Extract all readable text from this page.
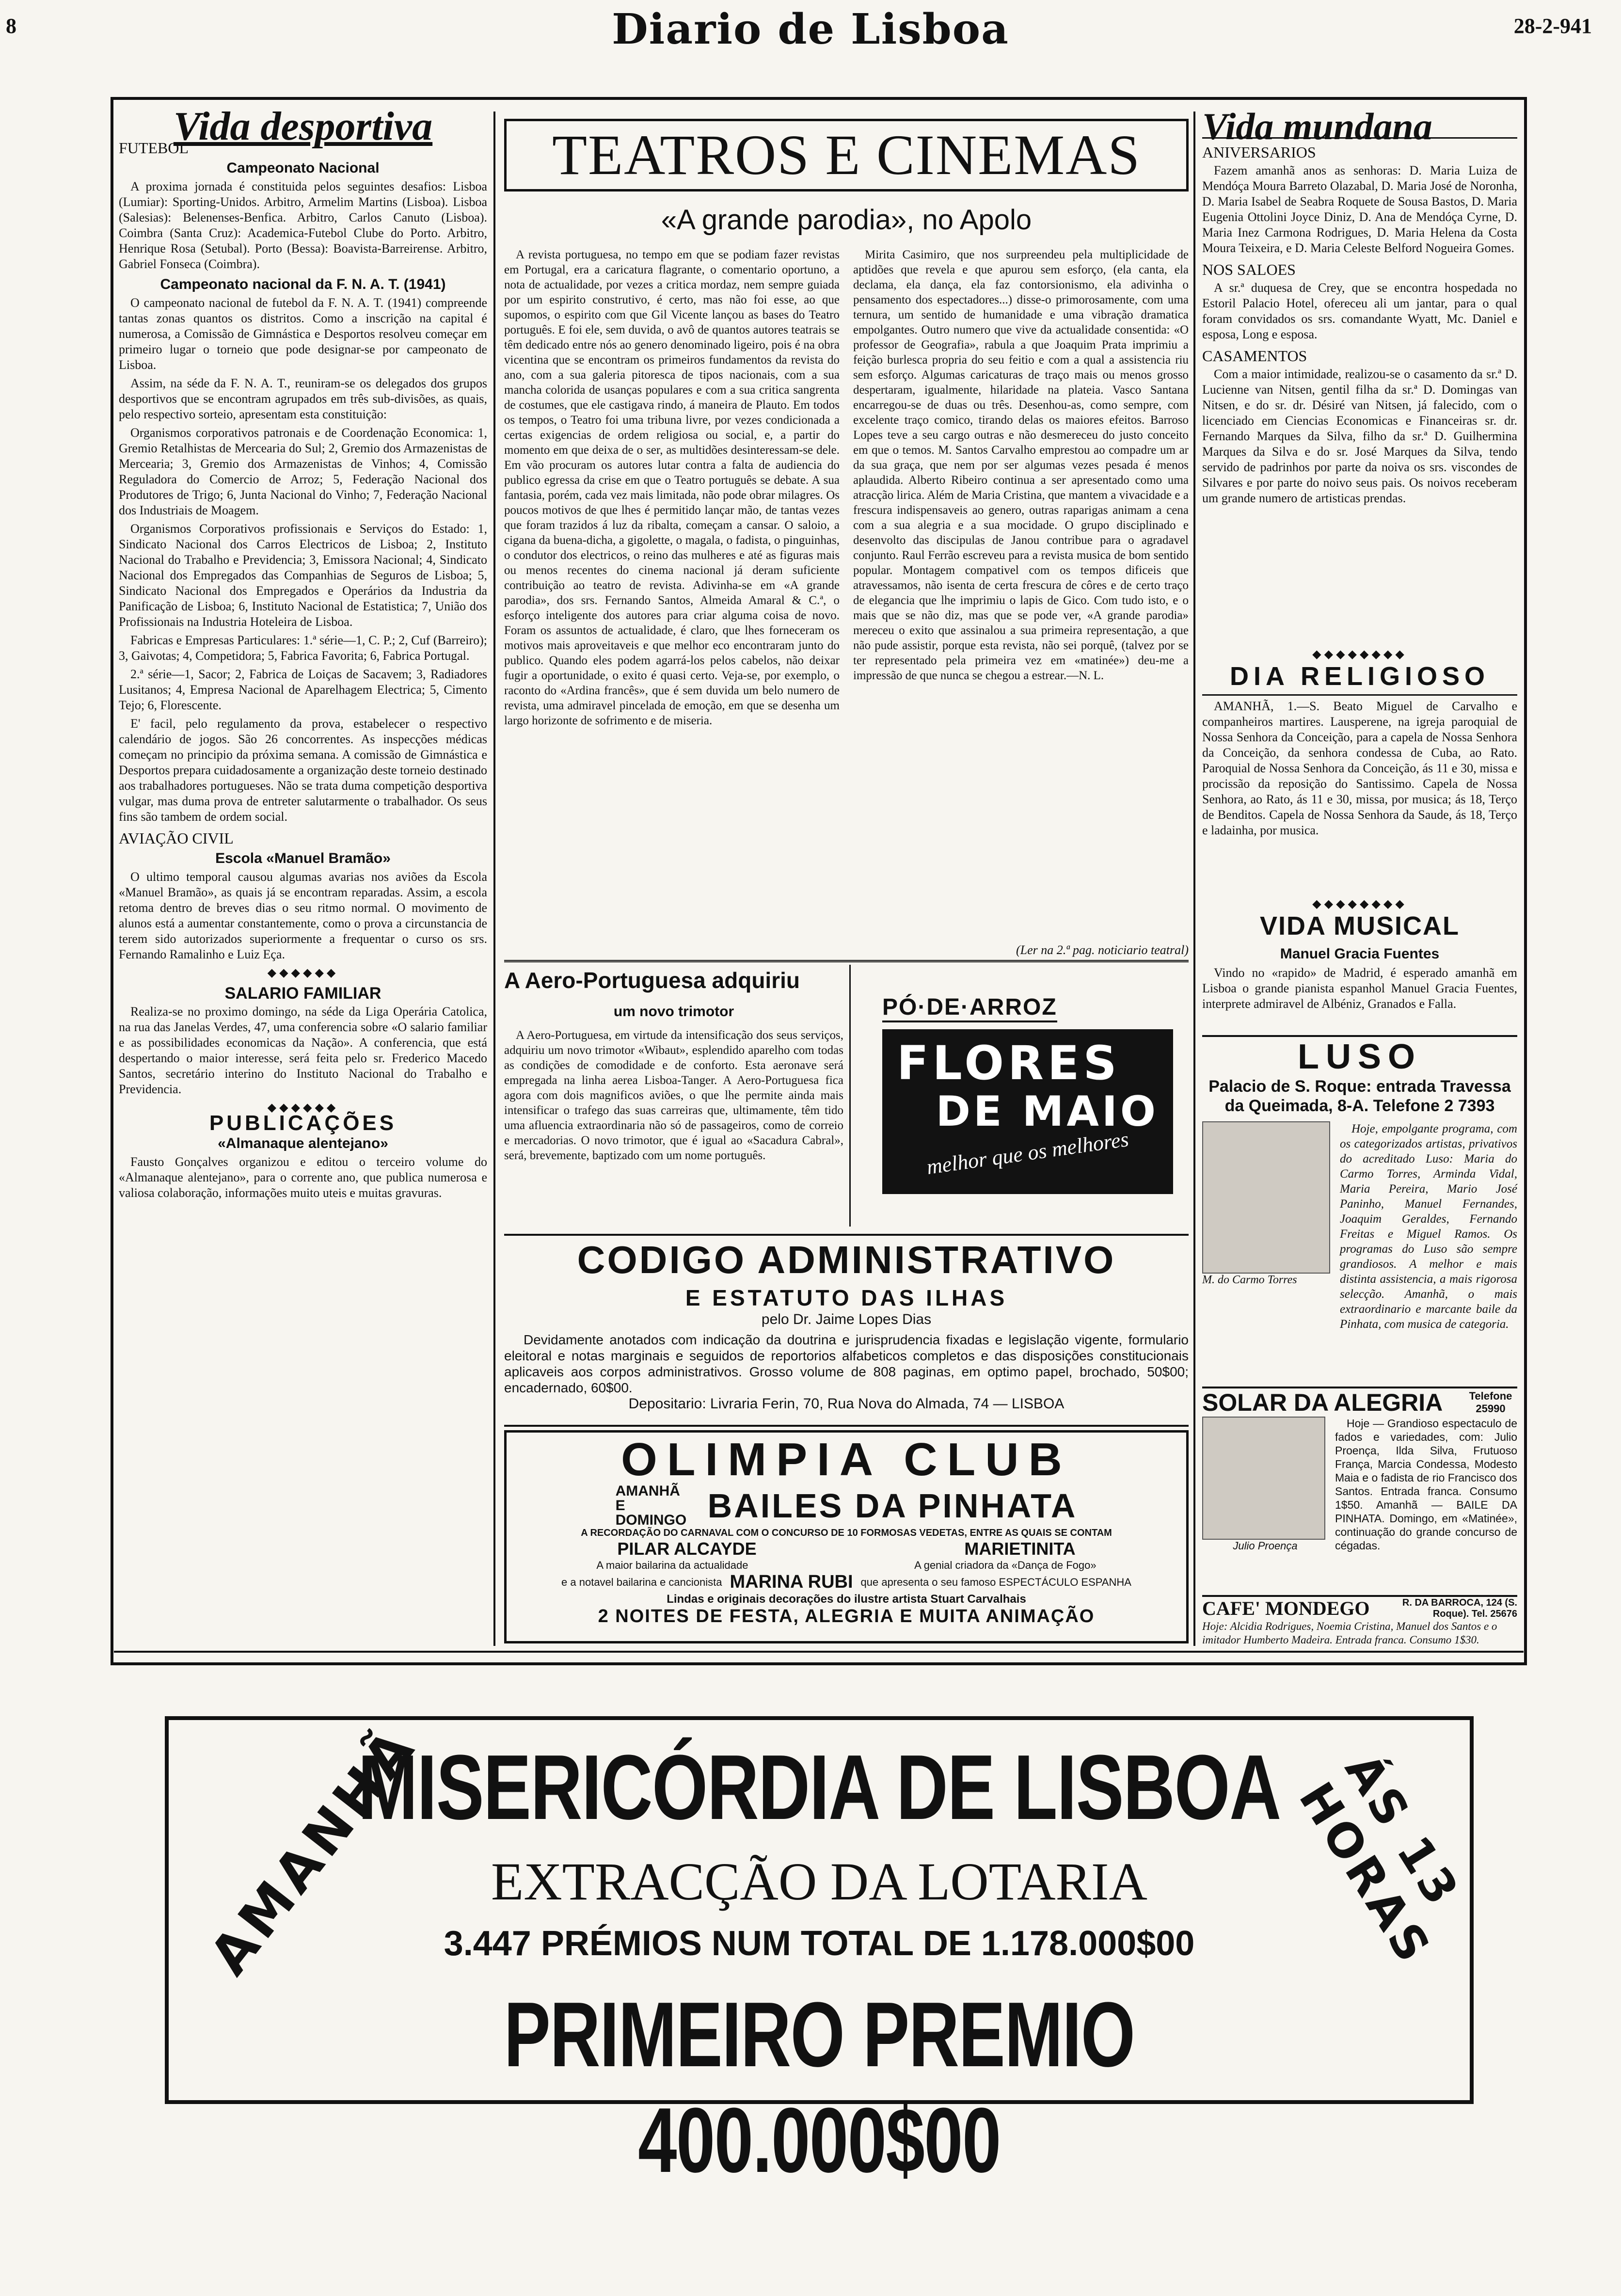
8	Diario de Lisboa	28-2-941
Vida desportiva
FUTEBOL
Campeonato Nacional

A proxima jornada é constituida pelos seguintes desafios: Lisboa (Lumiar): Sporting-Unidos. Arbitro, Armelim Martins (Lisboa). Lisboa (Salesias): Belenenses-Benfica. Arbitro, Carlos Canuto (Lisboa). Coimbra (Santa Cruz): Academica-Futebol Clube do Porto. Arbitro, Henrique Rosa (Setubal). Porto (Bessa): Boavista-Barreirense. Arbitro, Gabriel Fonseca (Coimbra).

Campeonato nacional da F. N. A. T. (1941)

O campeonato nacional de futebol da F. N. A. T. (1941) compreende tantas zonas quantos os distritos. Como a inscrição na capital é numerosa, a Comissão de Gimnástica e Desportos resolveu começar em primeiro lugar o torneio que pode designar-se por campeonato de Lisboa.

Assim, na séde da F. N. A. T., reuniram-se os delegados dos grupos desportivos que se encontram agrupados em três sub-divisões, as quais, pelo respectivo sorteio, apresentam esta constituição:

Organismos corporativos patronais e de Coordenação Economica: 1, Gremio Retalhistas de Mercearia do Sul; 2, Gremio dos Armazenistas de Mercearia; 3, Gremio dos Armazenistas de Vinhos; 4, Comissão Reguladora do Comercio de Arroz; 5, Federação Nacional dos Produtores de Trigo; 6, Junta Nacional do Vinho; 7, Federação Nacional dos Industriais de Moagem.

Organismos Corporativos profissionais e Serviços do Estado: 1, Sindicato Nacional dos Carros Electricos de Lisboa; 2, Instituto Nacional do Trabalho e Previdencia; 3, Emissora Nacional; 4, Sindicato Nacional dos Empregados das Companhias de Seguros de Lisboa; 5, Sindicato Nacional dos Empregados e Operários da Industria da Panificação de Lisboa; 6, Instituto Nacional de Estatistica; 7, União dos Profissionais na Industria Hoteleira de Lisboa.

Fabricas e Empresas Particulares: 1.ª série—1, C. P.; 2, Cuf (Barreiro); 3, Gaivotas; 4, Competidora; 5, Fabrica Favorita; 6, Fabrica Portugal.

2.ª série—1, Sacor; 2, Fabrica de Loiças de Sacavem; 3, Radiadores Lusitanos; 4, Empresa Nacional de Aparelhagem Electrica; 5, Cimento Tejo; 6, Florescente.

E' facil, pelo regulamento da prova, estabelecer o respectivo calendário de jogos. São 26 concorrentes. As inspecções médicas começam no principio da próxima semana. A comissão de Gimnástica e Desportos prepara cuidadosamente a organização deste torneio destinado aos trabalhadores portugueses. Não se trata duma competição desportiva vulgar, mas duma prova de entreter salutarmente o trabalhador. Os seus fins são tambem de ordem social.

AVIAÇÃO CIVIL
Escola «Manuel Bramão»

O ultimo temporal causou algumas avarias nos aviões da Escola «Manuel Bramão», as quais já se encontram reparadas. Assim, a escola retoma dentro de breves dias o seu ritmo normal. O movimento de alunos está a aumentar constantemente, como o prova a circunstancia de terem sido autorizados superiormente a frequentar o curso os srs. Fernando Ramalinho e Luiz Eça.

◆◆◆◆◆◆
SALARIO FAMILIAR

Realiza-se no proximo domingo, na séde da Liga Operária Catolica, na rua das Janelas Verdes, 47, uma conferencia sobre «O salario familiar e as possibilidades economicas da Nação». A conferencia, que está despertando o maior interesse, será feita pelo sr. Frederico Macedo Santos, secretário interino do Instituto Nacional do Trabalho e Previdencia.

◆◆◆◆◆◆
PUBLICAÇÕES
«Almanaque alentejano»

Fausto Gonçalves organizou e editou o terceiro volume do «Almanaque alentejano», para o corrente ano, que publica numerosa e valiosa colaboração, informações muito uteis e muitas gravuras.

TEATROS E CINEMAS
«A grande parodia», no Apolo

A revista portuguesa, no tempo em que se podiam fazer revistas em Portugal, era a caricatura flagrante, o comentario oportuno, a nota de actualidade, por vezes a critica mordaz, nem sempre guiada por um espirito construtivo, é certo, mas não foi esse, ao que supomos, o espirito com que Gil Vicente lançou as bases do Teatro português. E foi ele, sem duvida, o avô de quantos autores teatrais se têm dedicado entre nós ao genero denominado ligeiro, pois é na obra vicentina que se encontram os primeiros fundamentos da revista do ano, com a sua galeria pitoresca de tipos nacionais, com a sua mancha colorida de usanças populares e com a sua critica sangrenta de costumes, que ele castigava rindo, á maneira de Plauto. Em todos os tempos, o Teatro foi uma tribuna livre, por vezes condicionada a certas exigencias de ordem religiosa ou social, e, a partir do momento em que deixa de o ser, as multidões desinteressam-se dele. Em vão procuram os autores lutar contra a falta de audiencia do publico egressa da crise em que o Teatro português se debate. A sua fantasia, porém, cada vez mais limitada, não pode obrar milagres. Os poucos motivos de que lhes é permitido lançar mão, de tantas vezes que foram trazidos á luz da ribalta, começam a cansar. O saloio, a cigana da buena-dicha, a gigolette, o magala, o fadista, o pinguinhas, o condutor dos electricos, o reino das mulheres e até as figuras mais ou menos recentes do cinema nacional já deram suficiente contribuição ao teatro de revista. Adivinha-se em «A grande parodia», dos srs. Fernando Santos, Almeida Amaral & C.ª, o esforço inteligente dos autores para criar alguma coisa de novo. Foram os assuntos de actualidade, é claro, que lhes forneceram os motivos mais aproveitaveis e que melhor eco encontraram junto do publico. Quando eles podem agarrá-los pelos cabelos, não deixar fugir a oportunidade, o exito é quasi certo. Veja-se, por exemplo, o raconto do «Ardina francês», que é sem duvida um belo numero de revista, uma admiravel pincelada de emoção, em que se desenha um largo horizonte de sofrimento e de miseria.

Mirita Casimiro, que nos surpreendeu pela multiplicidade de aptidões que revela e que apurou sem esforço, (ela canta, ela declama, ela dança, ela faz contorsionismo, ela adivinha o pensamento dos espectadores...) disse-o primorosamente, com uma ternura, um sentido de humanidade e uma vibração dramatica empolgantes. Outro numero que vive da actualidade consentida: «O professor de Geografia», rabula a que Joaquim Prata imprimiu a feição burlesca propria do seu feitio e com a qual a assistencia riu sem esforço. Algumas caricaturas de traço mais ou menos grosso despertaram, igualmente, hilaridade na plateia. Vasco Santana encarregou-se de duas ou três. Desenhou-as, como sempre, com excelente traço comico, tirando delas os maiores efeitos. Barroso Lopes teve a seu cargo outras e não desmereceu do justo conceito em que o temos. M. Santos Carvalho emprestou ao compadre um ar da sua graça, que nem por ser algumas vezes pesada é menos aplaudida. Alberto Ribeiro continua a ser apresentado como uma atracção lirica. Além de Maria Cristina, que mantem a vivacidade e a frescura indispensaveis ao genero, outras raparigas animam a cena com a sua alegria e a sua mocidade. O grupo disciplinado e desenvolto das discipulas de Janou contribue para o agradavel conjunto. Raul Ferrão escreveu para a revista musica de bom sentido popular. Montagem compativel com os tempos dificeis que atravessamos, não isenta de certa frescura de côres e de certo traço de elegancia que lhe imprimiu o lapis de Gico. Com tudo isto, e o mais que se não diz, mas que se pode ver, «A grande parodia» mereceu o exito que assinalou a sua primeira representação, a que não pude assistir, porque esta revista, não sei porquê, (talvez por se ter representado pela primeira vez em «matinée») deu-me a impressão de que nunca se chegou a estrear.—N. L.

(Ler na 2.ª pag. noticiario teatral)
A Aero-Portuguesa adquiriu
um novo trimotor

A Aero-Portuguesa, em virtude da intensificação dos seus serviços, adquiriu um novo trimotor «Wibaut», esplendido aparelho com todas as condições de comodidade e de conforto. Esta aeronave será empregada na linha aerea Lisboa-Tanger. A Aero-Portuguesa fica agora com dois magnificos aviões, o que lhe permite ainda mais intensificar o trafego das suas carreiras que, ultimamente, têm tido uma afluencia extraordinaria não só de passageiros, como de correio e mercadorias. O novo trimotor, que é igual ao «Sacadura Cabral», será, brevemente, baptizado com um nome português.

PÓ·DE·ARROZ
FLORES
DE MAIO
melhor que os melhores
CODIGO ADMINISTRATIVO
E ESTATUTO DAS ILHAS
pelo Dr. Jaime Lopes Dias
Devidamente anotados com indicação da doutrina e jurisprudencia fixadas e legislação vigente, formulario eleitoral e notas marginais e seguidos de reportorios alfabeticos completos e das disposições constitucionais aplicaveis aos corpos administrativos. Grosso volume de 808 paginas, em optimo papel, brochado, 50$00; encadernado, 60$00.
Depositario: Livraria Ferin, 70, Rua Nova do Almada, 74 — LISBOA
OLIMPIA CLUB
AMANHÃ E DOMINGO BAILES DA PINHATA
A RECORDAÇÃO DO CARNAVAL COM O CONCURSO DE 10 FORMOSAS VEDETAS, ENTRE AS QUAIS SE CONTAM
PILAR ALCAYDE	MARIETINITA
A maior bailarina da actualidade	A genial criadora da «Dança de Fogo»
e a notavel bailarina e cancionista MARINA RUBI que apresenta o seu famoso ESPECTÁCULO ESPANHA
Lindas e originais decorações do ilustre artista Stuart Carvalhais
2 NOITES DE FESTA, ALEGRIA E MUITA ANIMAÇÃO
Vida mundana
ANIVERSARIOS

Fazem amanhã anos as senhoras: D. Maria Luiza de Mendóça Moura Barreto Olazabal, D. Maria José de Noronha, D. Maria Isabel de Seabra Roquete de Sousa Bastos, D. Maria Eugenia Ottolini Joyce Diniz, D. Ana de Mendóça Cyrne, D. Maria Inez Carmona Rodrigues, D. Maria Helena da Costa Moura Teixeira, e D. Maria Celeste Belford Nogueira Gomes.

NOS SALOES

A sr.ª duquesa de Crey, que se encontra hospedada no Estoril Palacio Hotel, ofereceu ali um jantar, para o qual foram convidados os srs. comandante Wyatt, Mc. Daniel e esposa, Long e esposa.

CASAMENTOS

Com a maior intimidade, realizou-se o casamento da sr.ª D. Lucienne van Nitsen, gentil filha da sr.ª D. Domingas van Nitsen, e do sr. dr. Désiré van Nitsen, já falecido, com o licenciado em Ciencias Economicas e Financeiras sr. dr. Fernando Marques da Silva, filho da sr.ª D. Guilhermina Marques da Silva e do sr. José Marques da Silva, tendo servido de padrinhos por parte da noiva os srs. viscondes de Silvares e por parte do noivo seus pais. Os noivos receberam um grande numero de artisticas prendas.

◆◆◆◆◆◆◆◆
DIA RELIGIOSO

AMANHÃ, 1.—S. Beato Miguel de Carvalho e companheiros martires. Lausperene, na igreja paroquial de Nossa Senhora da Conceição, para a capela de Nossa Senhora da Conceição, da senhora condessa de Cuba, ao Rato. Paroquial de Nossa Senhora da Conceição, ás 11 e 30, missa e procissão da reposição do Santissimo. Capela de Nossa Senhora, ao Rato, ás 11 e 30, missa, por musica; ás 18, Terço de Benditos. Capela de Nossa Senhora da Saude, ás 18, Terço e ladainha, por musica.

◆◆◆◆◆◆◆◆
VIDA MUSICAL
Manuel Gracia Fuentes

Vindo no «rapido» de Madrid, é esperado amanhã em Lisboa o grande pianista espanhol Manuel Gracia Fuentes, interprete admiravel de Albéniz, Granados e Falla.

LUSO
Palacio de S. Roque: entrada Travessa da Queimada, 8-A. Telefone 2 7393
M. do Carmo Torres

Hoje, empolgante programa, com os categorizados artistas, privativos do acreditado Luso: Maria do Carmo Torres, Arminda Vidal, Maria Pereira, Mario José Paninho, Manuel Fernandes, Joaquim Geraldes, Fernando Freitas e Miguel Ramos. Os programas do Luso são sempre grandiosos. A melhor e mais distinta assistencia, a mais rigorosa selecção. Amanhã, o mais extraordinario e marcante baile da Pinhata, com musica de categoria.

SOLAR DA ALEGRIA	Telefone 25990
Julio Proença

Hoje — Grandioso espectaculo de fados e variedades, com: Julio Proença, Ilda Silva, Frutuoso França, Marcia Condessa, Modesto Maia e o fadista de rio Francisco dos Santos. Entrada franca. Consumo 1$50. Amanhã — BAILE DA PINHATA. Domingo, em «Matinée», continuação do grande concurso de cégadas.

CAFE' MONDEGO	R. DA BARROCA, 124 (S. Roque). Tel. 25676
Hoje: Alcidia Rodrigues, Noemia Cristina, Manuel dos Santos e o imitador Humberto Madeira. Entrada franca. Consumo 1$30.
AMANHÃ	ÁS 13 HORAS
MISERICÓRDIA DE LISBOA
EXTRACÇÃO DA LOTARIA
3.447 PRÉMIOS NUM TOTAL DE 1.178.000$00
PRIMEIRO PREMIO 400.000$00
